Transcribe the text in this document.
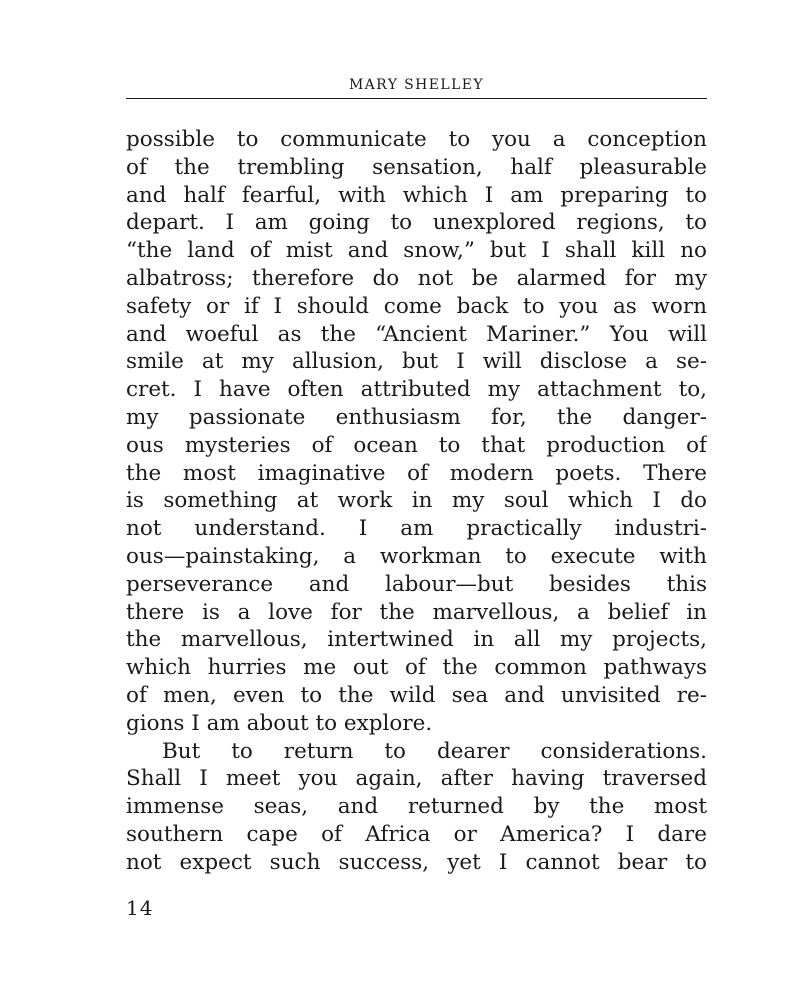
MARY SHELLEY
possible to communicate to you a conception
of the trembling sensation, half pleasurable
and half fearful, with which I am preparing to
depart. I am going to unexplored regions, to
“the land of mist and snow,” but I shall kill no
albatross; therefore do not be alarmed for my
safety or if I should come back to you as worn
and woeful as the “Ancient Mariner.” You will
smile at my allusion, but I will disclose a se-
cret. I have often attributed my attachment to,
my passionate enthusiasm for, the danger-
ous mysteries of ocean to that production of
the most imaginative of modern poets. There
is something at work in my soul which I do
not understand. I am practically industri-
ous—painstaking, a workman to execute with
perseverance and labour—but besides this
there is a love for the marvellous, a belief in
the marvellous, intertwined in all my projects,
which hurries me out of the common pathways
of men, even to the wild sea and unvisited re-
gions I am about to explore.
But to return to dearer considerations.
Shall I meet you again, after having traversed
immense seas, and returned by the most
southern cape of Africa or America? I dare
not expect such success, yet I cannot bear to
14
